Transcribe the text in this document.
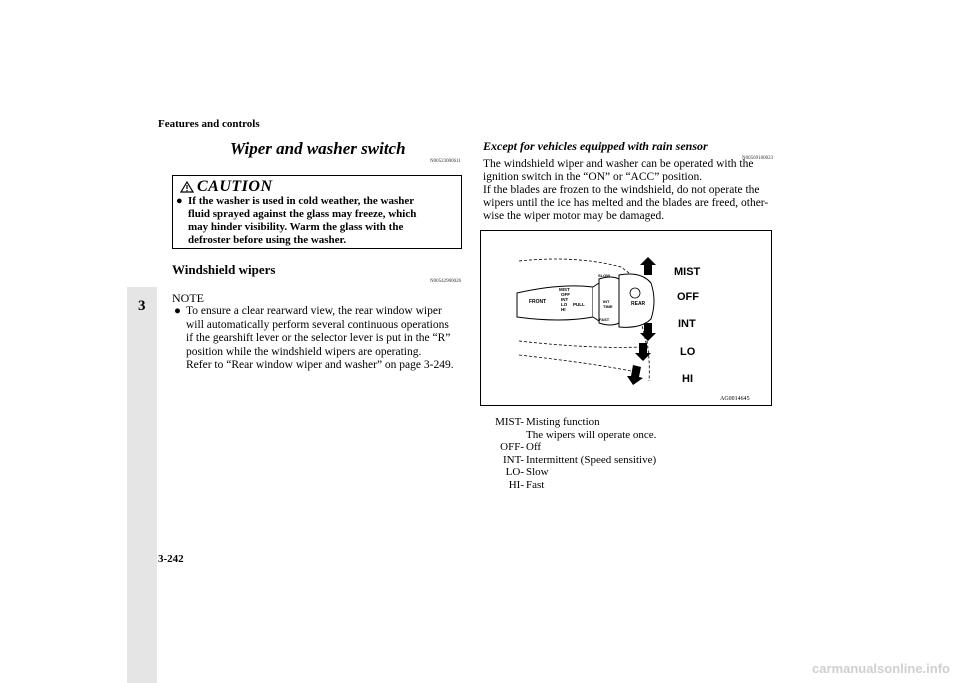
Features and controls
3
Wiper and washer switch
N00523000611
CAUTION
● If the washer is used in cold weather, the washer
fluid sprayed against the glass may freeze, which
may hinder visibility. Warm the glass with the
defroster before using the washer.
Windshield wipers
N00542900026
NOTE
● To ensure a clear rearward view, the rear window wiper
will automatically perform several continuous operations
if the gearshift lever or the selector lever is put in the “R”
position while the windshield wipers are operating.
Refer to “Rear window wiper and washer” on page 3-249.
Except for vehicles equipped with rain sensor
N00569100023
The windshield wiper and washer can be operated with the
ignition switch in the “ON” or “ACC” position.
If the blades are frozen to the windshield, do not operate the
wipers until the ice has melted and the blades are freed, other-
wise the wiper motor may be damaged.
FRONT
MIST
OFF
INT
LO
HI
PULL
SLOW
INT
TIME
FAST
REAR
MIST
OFF
INT
LO
HI
AG0014645
MIST- Misting function
The wipers will operate once.
OFF- Off
INT- Intermittent (Speed sensitive)
LO- Slow
HI- Fast
3-242
carmanualsonline.info
